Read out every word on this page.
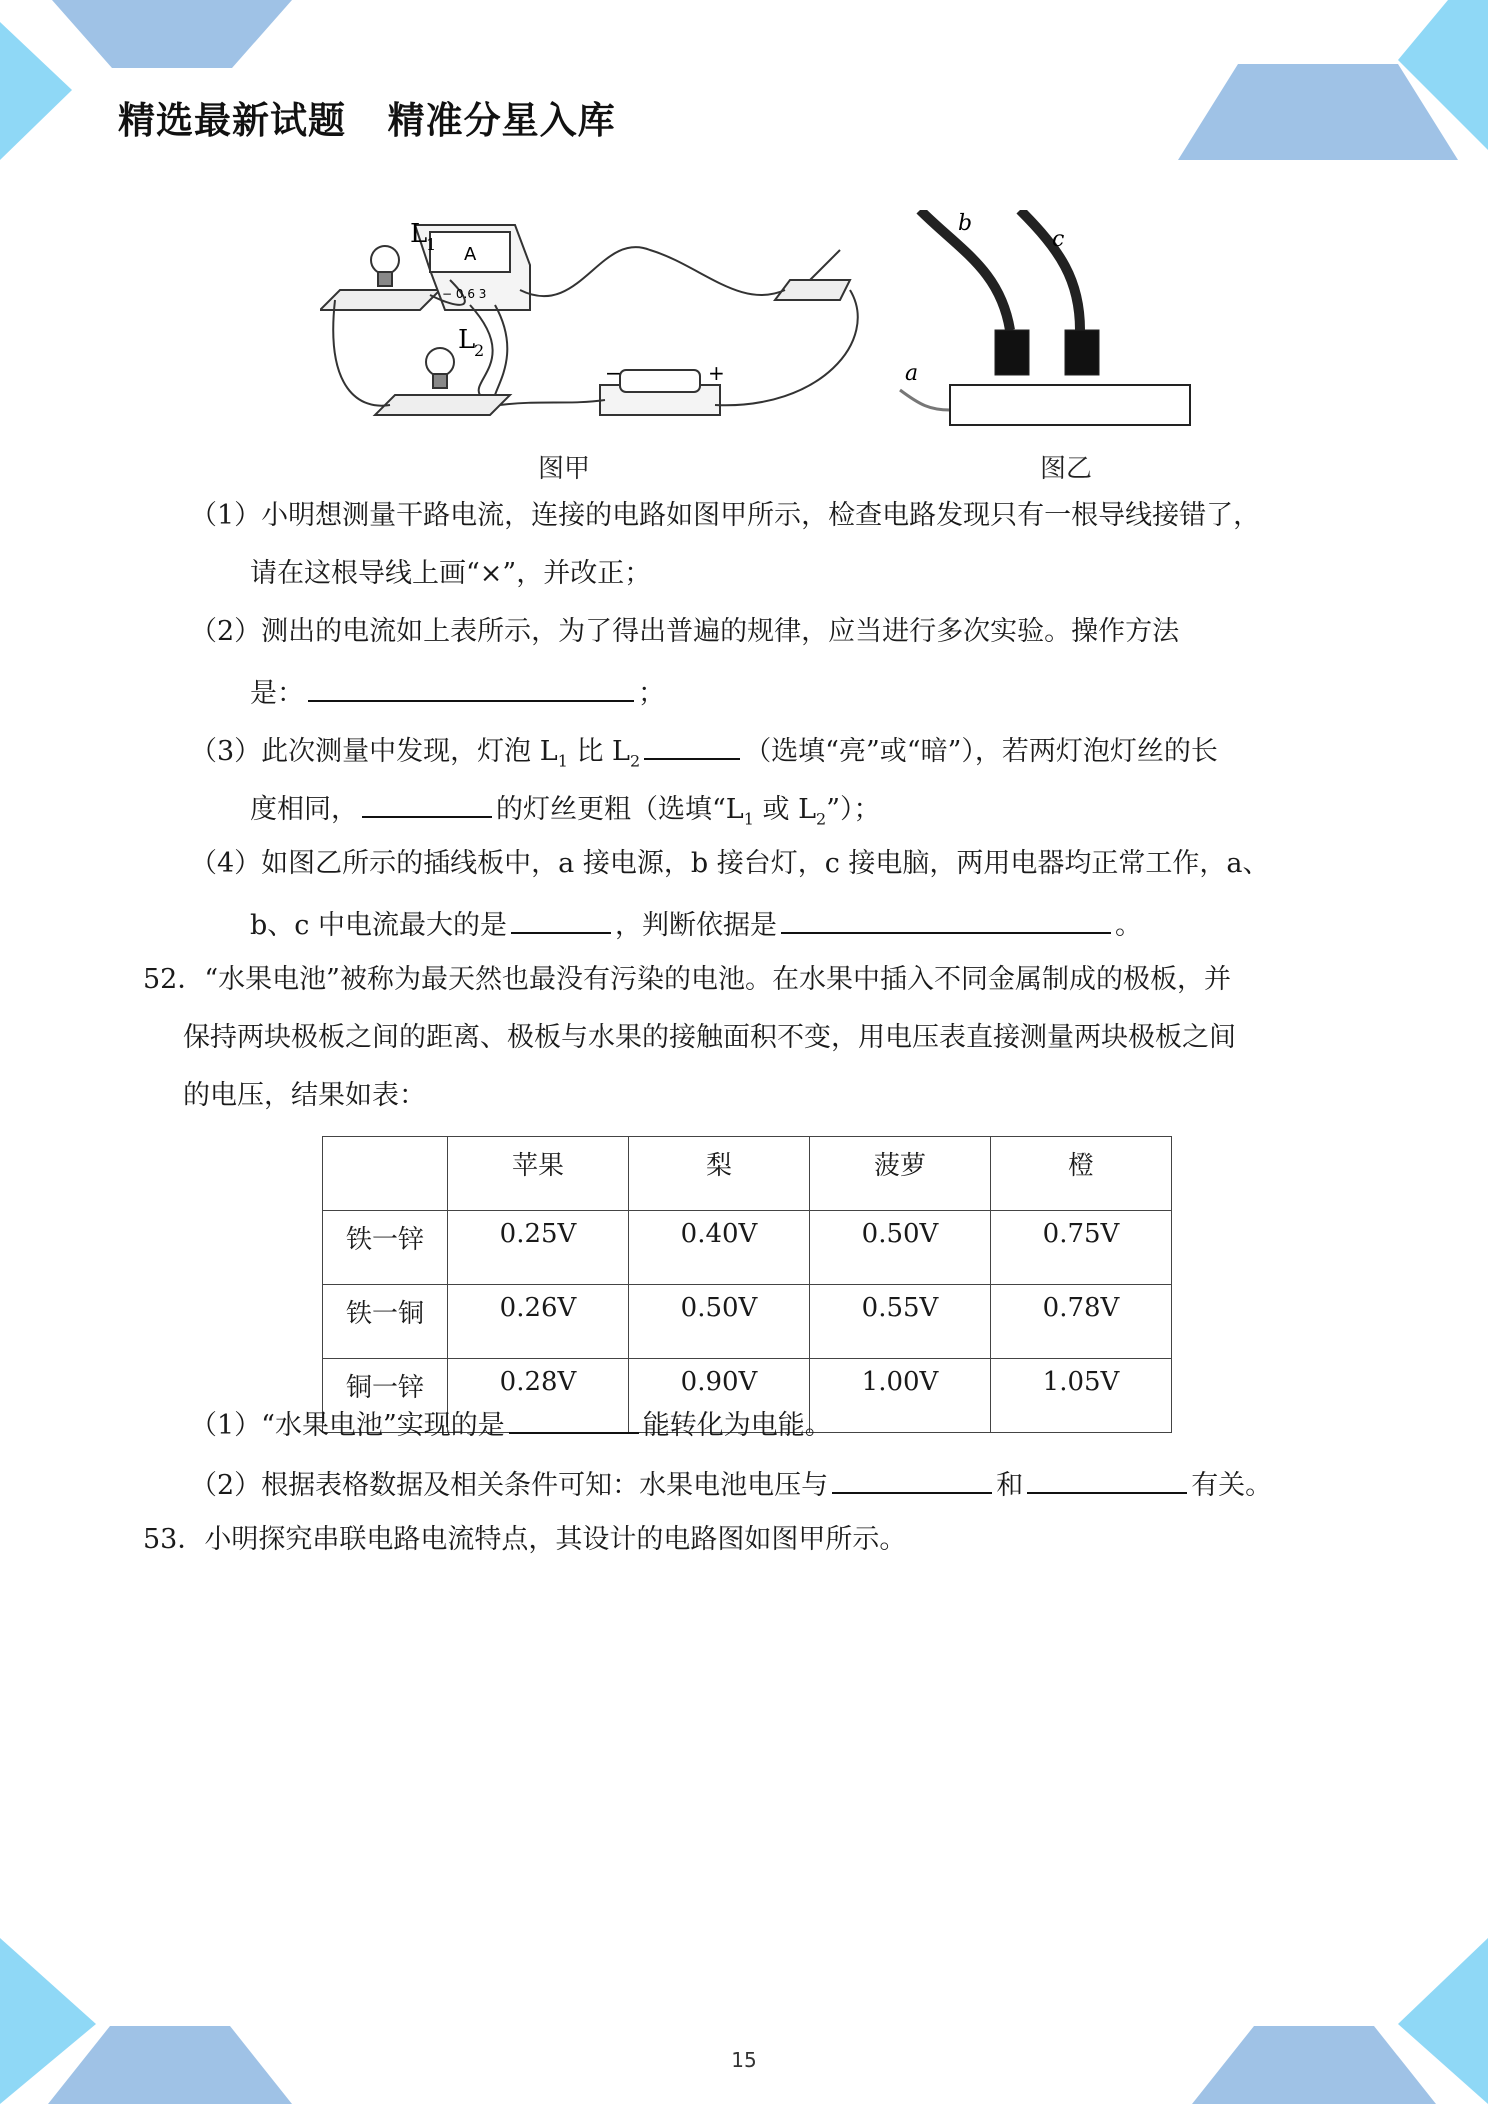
精选最新试题   精准分星入库
L
1
L
2
A
− 0.6 3
−	+
b
c
a
图甲	图乙
（1）小明想测量干路电流，连接的电路如图甲所示，检查电路发现只有一根导线接错了，
请在这根导线上画“×”，并改正；
（2）测出的电流如上表所示，为了得出普遍的规律，应当进行多次实验。操作方法
是：	；
（3）此次测量中发现，灯泡 $L_1$ 比 $L_2$	（选填“亮”或“暗”），若两灯泡灯丝的长
度相同，	的灯丝更粗（选填“$L_1$ 或 $L_2$”）；
（4）如图乙所示的插线板中，a 接电源，b 接台灯，c 接电脑，两用电器均正常工作，a、
b、c 中电流最大的是	，判断依据是	。
52．“水果电池”被称为最天然也最没有污染的电池。在水果中插入不同金属制成的极板，并
保持两块极板之间的距离、极板与水果的接触面积不变，用电压表直接测量两块极板之间
的电压，结果如表：
	苹果	梨	菠萝	橙
铁一锌	0.25V	0.40V	0.50V	0.75V
铁一铜	0.26V	0.50V	0.55V	0.78V
铜一锌	0.28V	0.90V	1.00V	1.05V
（1）“水果电池”实现的是	能转化为电能。
（2）根据表格数据及相关条件可知：水果电池电压与	和	有关。
53．小明探究串联电路电流特点，其设计的电路图如图甲所示。
15
